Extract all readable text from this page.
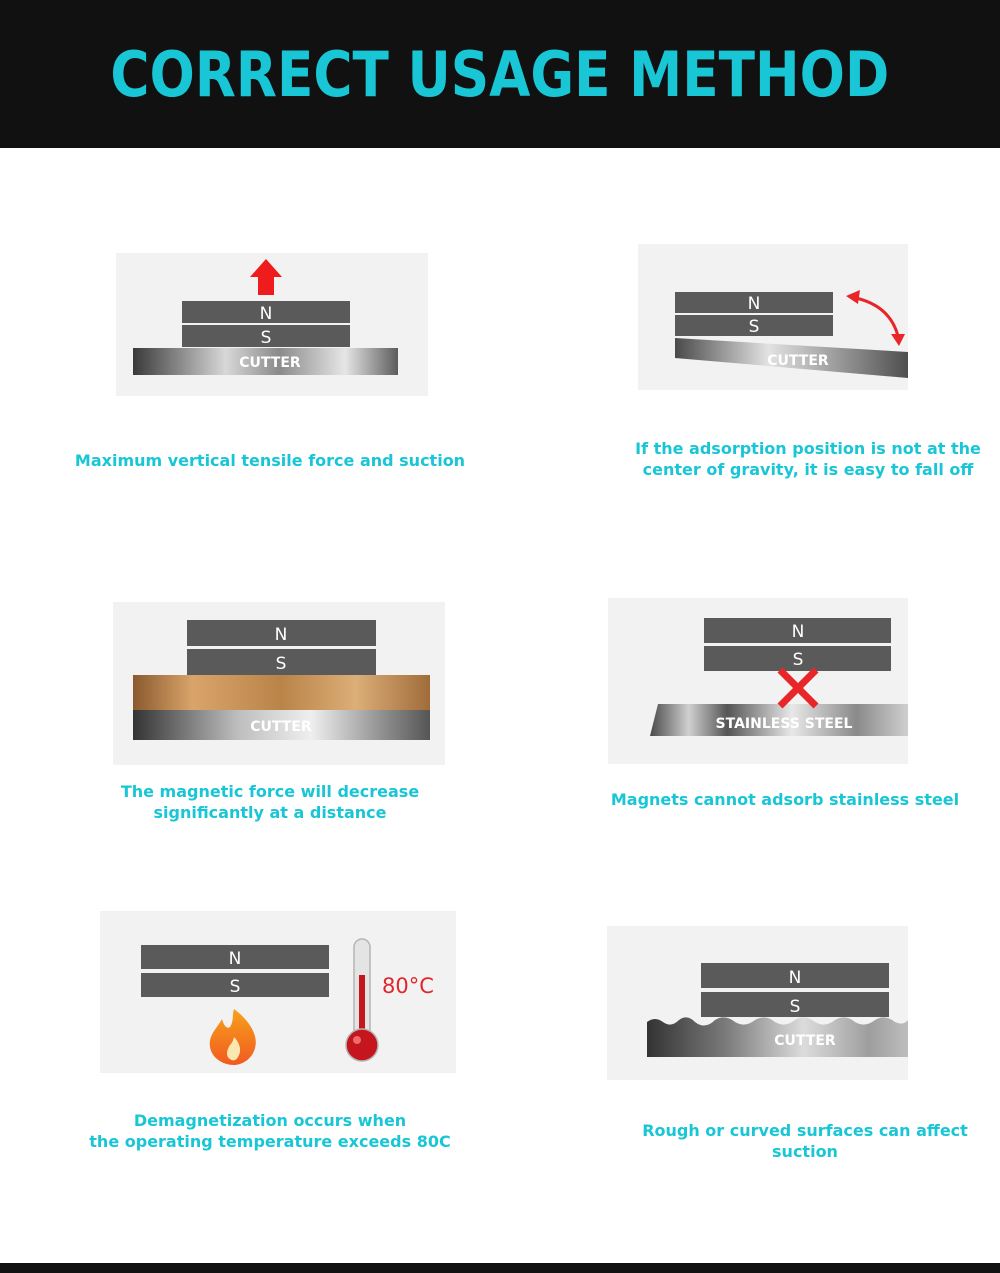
CORRECT USAGE METHOD
N
S
CUTTER
Maximum vertical tensile force and suction
N
S
CUTTER
If the adsorption position is not at the
center of gravity, it is easy to fall off
N
S
CUTTER
The magnetic force will decrease
significantly at a distance
N
S
STAINLESS STEEL
Magnets cannot adsorb stainless steel
N
S	80°C
Demagnetization occurs when
the operating temperature exceeds 80C
N
S
CUTTER
Rough or curved surfaces can affect suction
